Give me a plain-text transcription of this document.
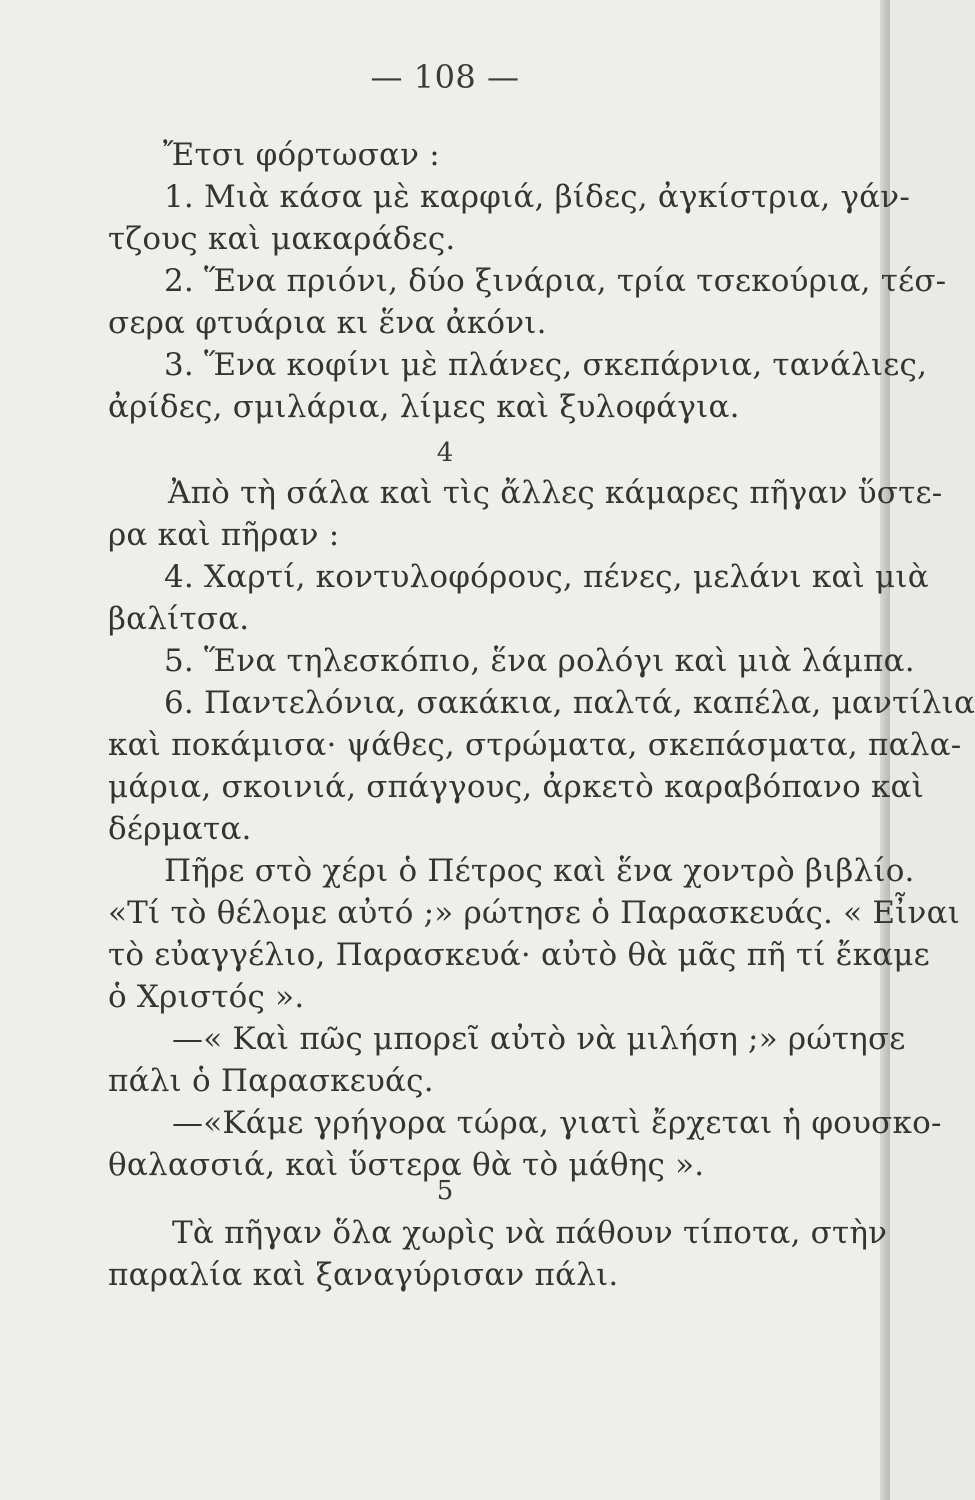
— 108 —
Ἔτσι φόρτωσαν :
1. Μιὰ κάσα μὲ καρφιά, βίδες, ἀγκίστρια, γάν-
τζους καὶ μακαράδες.
2. Ἕνα πριόνι, δύο ξινάρια, τρία τσεκούρια, τέσ-
σερα φτυάρια κι ἕνα ἀκόνι.
3. Ἕνα κοφίνι μὲ πλάνες, σκεπάρνια, τανάλιες,
ἀρίδες, σμιλάρια, λίμες καὶ ξυλοφάγια.
4
Ἀπὸ τὴ σάλα καὶ τὶς ἄλλες κάμαρες πῆγαν ὕστε-
ρα καὶ πῆραν :
4. Χαρτί, κοντυλοφόρους, πένες, μελάνι καὶ μιὰ
βαλίτσα.
5. Ἕνα τηλεσκόπιο, ἕνα ρολόγι καὶ μιὰ λάμπα.
6. Παντελόνια, σακάκια, παλτά, καπέλα, μαντίλια
καὶ ποκάμισα· ψάθες, στρώματα, σκεπάσματα, παλα-
μάρια, σκοινιά, σπάγγους, ἀρκετὸ καραβόπανο καὶ
δέρματα.
Πῆρε στὸ χέρι ὁ Πέτρος καὶ ἕνα χοντρὸ βιβλίο.
«Τί τὸ θέλομε αὐτό ;» ρώτησε ὁ Παρασκευάς. « Εἶναι
τὸ εὐαγγέλιο, Παρασκευά· αὐτὸ θὰ μᾶς πῆ τί ἔκαμε
ὁ Χριστός ».
—« Καὶ πῶς μπορεῖ αὐτὸ νὰ μιλήση ;» ρώτησε
πάλι ὁ Παρασκευάς.
—«Κάμε γρήγορα τώρα, γιατὶ ἔρχεται ἡ φουσκο-
θαλασσιά, καὶ ὕστερα θὰ τὸ μάθης ».
5
Τὰ πῆγαν ὅλα χωρὶς νὰ πάθουν τίποτα, στὴν
παραλία καὶ ξαναγύρισαν πάλι.
